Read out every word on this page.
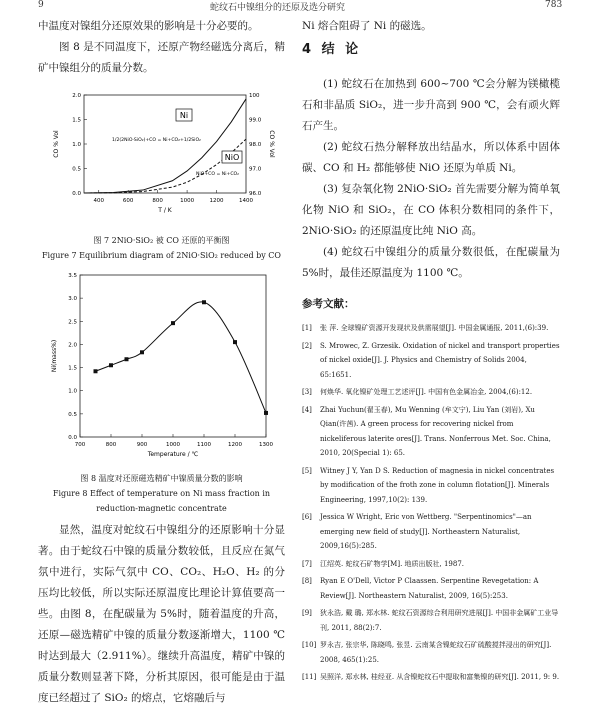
9	蛇纹石中镍组分的还原及选分研究	783

中温度对镍组分还原效果的影响是十分必要的。

图 8 是不同温度下，还原产物经磁选分离后，精矿中镍组分的质量分数。

400	600	800	1000	1200	1400
0.0
0.5
1.0
1.5
2.0
96.0
97.0
98.0
99.0
100
T / K
CO % Vol	CO % Vol
Ni
NiO
1/2(2NiO·SiO₂)+CO = Ni+CO₂+1/2SiO₂
NiO+CO = Ni+CO₂
图 7 2NiO·SiO₂ 被 CO 还原的平衡图
Figure 7 Equilibrium diagram of 2NiO·SiO₂ reduced by CO
700	800	900	1000	1100	1200	1300
0.0
0.5
1.0
1.5
2.0
2.5
3.0
3.5
Temperature / ℃
Ni(mass%)
图 8 温度对还原磁选精矿中镍质量分数的影响
Figure 8 Effect of temperature on Ni mass fraction in reduction-magnetic concentrate

显然，温度对蛇纹石中镍组分的还原影响十分显著。由于蛇纹石中镍的质量分数较低，且反应在氮气氛中进行，实际气氛中 CO、CO₂、H₂O、H₂ 的分压均比较低，所以实际还原温度比理论计算值要高一些。由图 8，在配碳量为 5%时，随着温度的升高，还原—磁选精矿中镍的质量分数逐渐增大，1100 ℃时达到最大（2.911%）。继续升高温度，精矿中镍的质量分数则显著下降，分析其原因，很可能是由于温度已经超过了 SiO₂ 的熔点，它熔融后与

Ni 熔合阻碍了 Ni 的磁选。

4 结 论

(1) 蛇纹石在加热到 600~700 ℃会分解为镁橄榄石和非晶质 SiO₂，进一步升高到 900 ℃，会有顽火辉石产生。

(2) 蛇纹石热分解释放出结晶水，所以体系中固体碳、CO 和 H₂ 都能够使 NiO 还原为单质 Ni。

(3) 复杂氧化物 2NiO·SiO₂ 首先需要分解为简单氧化物 NiO 和 SiO₂，在 CO 体积分数相同的条件下，2NiO·SiO₂ 的还原温度比纯 NiO 高。

(4) 蛇纹石中镍组分的质量分数很低，在配碳量为 5%时，最佳还原温度为 1100 ℃。

参考文献：
[1]	张 萍. 全球镍矿资源开发现状及供需展望[J]. 中国金属通报, 2011,(6):39.
[2]	S. Mrowec, Z. Grzesik. Oxidation of nickel and transport properties of nickel oxide[J]. J. Physics and Chemistry of Solids 2004, 65:1651.
[3]	何焕华. 氧化镍矿处理工艺述评[J]. 中国有色金属冶金, 2004,(6):12.
[4]	Zhai Yuchun(翟玉春), Mu Wenning (牟文宁), Liu Yan (刘岩), Xu Qian(许茜). A green process for recovering nickel from nickeliferous laterite ores[J]. Trans. Nonferrous Met. Soc. China, 2010, 20(Special 1): 65.
[5]	Witney J Y, Yan D S. Reduction of magnesia in nickel concentrates by modification of the froth zone in column flotation[J]. Minerals Engineering, 1997,10(2): 139.
[6]	Jessica W Wright, Eric von Wettberg. "Serpentinomics"—an emerging new field of study[J]. Northeastern Naturalist, 2009,16(5):285.
[7]	江绍英. 蛇纹石矿物学[M]. 地质出版社, 1987.
[8]	Ryan E O'Dell, Victor P Claassen. Serpentine Revegetation: A Review[J]. Northeastern Naturalist, 2009, 16(5):253.
[9]	狄永浩, 戴 璐, 郑水林. 蛇纹石资源综合利用研究进展[J]. 中国非金属矿工业导刊, 2011, 88(2):7.
[10] 罗永吉, 张宗华, 陈晓鸣, 张昱. 云南某含镍蛇纹石矿硫酸搅拌浸出的研究[J]. 2008, 465(1):25.
[11] 吴照洋, 郑水林, 桂经亚. 从含镍蛇纹石中提取和富集镍的研究[J]. 2011, 9: 9.
